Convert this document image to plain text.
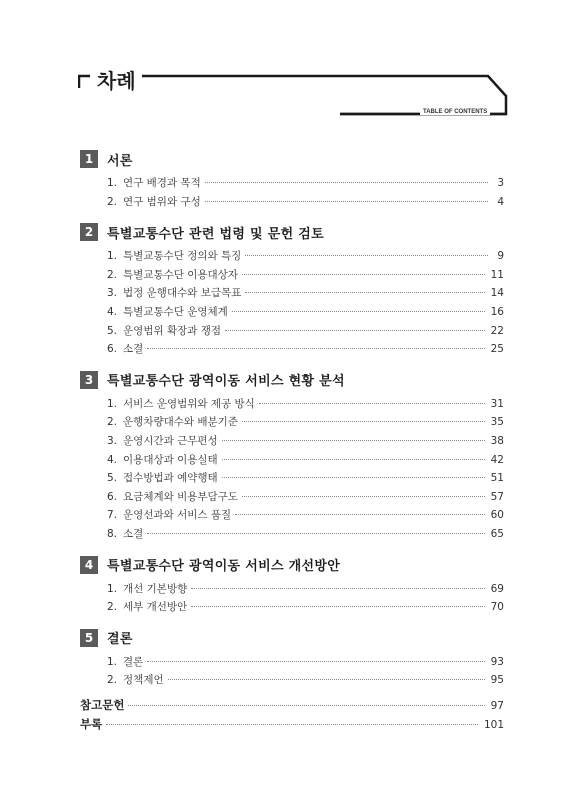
차례
TABLE OF CONTENTS
1	서론
1. 연구 배경과 목적	3
2. 연구 범위와 구성	4
2	특별교통수단 관련 법령 및 문헌 검토
1. 특별교통수단 정의와 특징	9
2. 특별교통수단 이용대상자	11
3. 법정 운행대수와 보급목표	14
4. 특별교통수단 운영체계	16
5. 운영범위 확장과 쟁점	22
6. 소결	25
3	특별교통수단 광역이동 서비스 현황 분석
1. 서비스 운영범위와 제공 방식	31
2. 운행차량대수와 배분기준	35
3. 운영시간과 근무편성	38
4. 이용대상과 이용실태	42
5. 접수방법과 예약행태	51
6. 요금체계와 비용부담구도	57
7. 운영선과와 서비스 품질	60
8. 소결	65
4	특별교통수단 광역이동 서비스 개선방안
1. 개선 기본방향	69
2. 세부 개선방안	70
5	결론
1. 결론	93
2. 정책제언	95
참고문헌	97
부록	101
